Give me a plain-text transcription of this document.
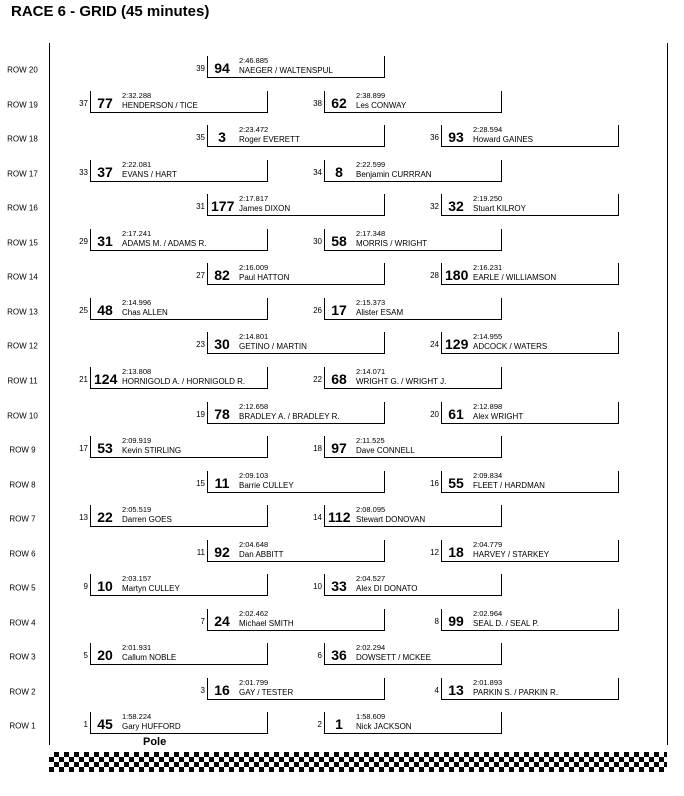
RACE 6 - GRID (45 minutes)
ROW 20	39 94	2:46.885
NAEGER / WALTENSPUL
ROW 19	37 77	2:32.288
HENDERSON / TICE	38 62	2:38.899
Les CONWAY
ROW 18	35 3	2:23.472
Roger EVERETT	36 93	2:28.594
Howard GAINES
ROW 17	33 37	2:22.081
EVANS / HART	34 8	2:22.599
Benjamin CURRRAN
ROW 16	31 177 2:17.817
James DIXON	32 32	2:19.250
Stuart KILROY
ROW 15	29 31	2:17.241
ADAMS M. / ADAMS R.	30 58	2:17.348
MORRIS / WRIGHT
ROW 14	27 82	2:16.009
Paul HATTON	28 180 2:16.231
EARLE / WILLIAMSON
ROW 13	25 48	2:14.996
Chas ALLEN	26 17	2:15.373
Alister ESAM
ROW 12	23 30	2:14.801
GETINO / MARTIN	24 129 2:14.955
ADCOCK / WATERS
ROW 11	21 124 2:13.808
HORNIGOLD A. / HORNIGOLD R.	22 68	2:14.071
WRIGHT G. / WRIGHT J.
ROW 10	19 78	2:12.658
BRADLEY A. / BRADLEY R.	20 61	2:12.898
Alex WRIGHT
ROW 9	17 53	2:09.919
Kevin STIRLING	18 97	2:11.525
Dave CONNELL
ROW 8	15 11	2:09.103
Barrie CULLEY	16 55	2:09.834
FLEET / HARDMAN
ROW 7	13 22	2:05.519
Darren GOES	14 112 2:08.095
Stewart DONOVAN
ROW 6	11 92	2:04.648
Dan ABBITT	12 18	2:04.779
HARVEY / STARKEY
ROW 5	9 10	2:03.157
Martyn CULLEY	10 33	2:04.527
Alex DI DONATO
ROW 4	7 24	2:02.462
Michael SMITH	8 99	2:02.964
SEAL D. / SEAL P.
ROW 3	5 20	2:01.931
Callum NOBLE	6 36	2:02.294
DOWSETT / MCKEE
ROW 2	3 16	2:01.799
GAY / TESTER	4 13	2:01.893
PARKIN S. / PARKIN R.
ROW 1	1 45	1:58.224
Gary HUFFORD	2 1	1:58.609
Nick JACKSON
Pole
